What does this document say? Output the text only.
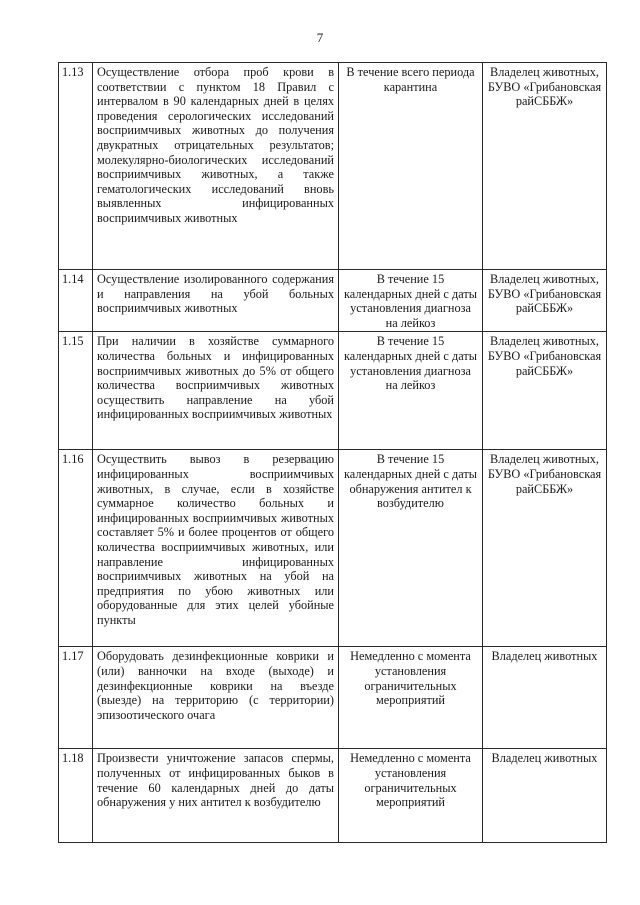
7
1.13	Осуществление отбора проб крови в соответствии с пунктом 18 Правил с интервалом в 90 календарных дней в целях проведения серологических исследований восприимчивых животных до получения двукратных отрицательных результатов; молекулярно-биологических исследований восприимчивых животных, а также гематологических исследований вновь выявленных инфицированных восприимчивых животных	В течение всего периода карантина	Владелец животных, БУВО «Грибановская райСББЖ»
1.14	Осуществление изолированного содержания и направления на убой больных восприимчивых животных	В течение 15 календарных дней с даты установления диагноза на лейкоз	Владелец животных, БУВО «Грибановская райСББЖ»
1.15	При наличии в хозяйстве суммарного количества больных и инфицированных восприимчивых животных до 5% от общего количества восприимчивых животных осуществить направление на убой инфицированных восприимчивых животных	В течение 15 календарных дней с даты установления диагноза на лейкоз	Владелец животных, БУВО «Грибановская райСББЖ»
1.16	Осуществить вывоз в резервацию инфицированных восприимчивых животных, в случае, если в хозяйстве суммарное количество больных и инфицированных восприимчивых животных составляет 5% и более процентов от общего количества восприимчивых животных, или направление инфицированных восприимчивых животных на убой на предприятия по убою животных или оборудованные для этих целей убойные пункты	В течение 15 календарных дней с даты обнаружения антител к возбудителю	Владелец животных, БУВО «Грибановская райСББЖ»
1.17	Оборудовать дезинфекционные коврики и (или) ванночки на входе (выходе) и дезинфекционные коврики на въезде (выезде) на территорию (с территории) эпизоотического очага	Немедленно с момента установления ограничительных мероприятий	Владелец животных
1.18	Произвести уничтожение запасов спермы, полученных от инфицированных быков в течение 60 календарных дней до даты обнаружения у них антител к возбудителю	Немедленно с момента установления ограничительных мероприятий	Владелец животных
